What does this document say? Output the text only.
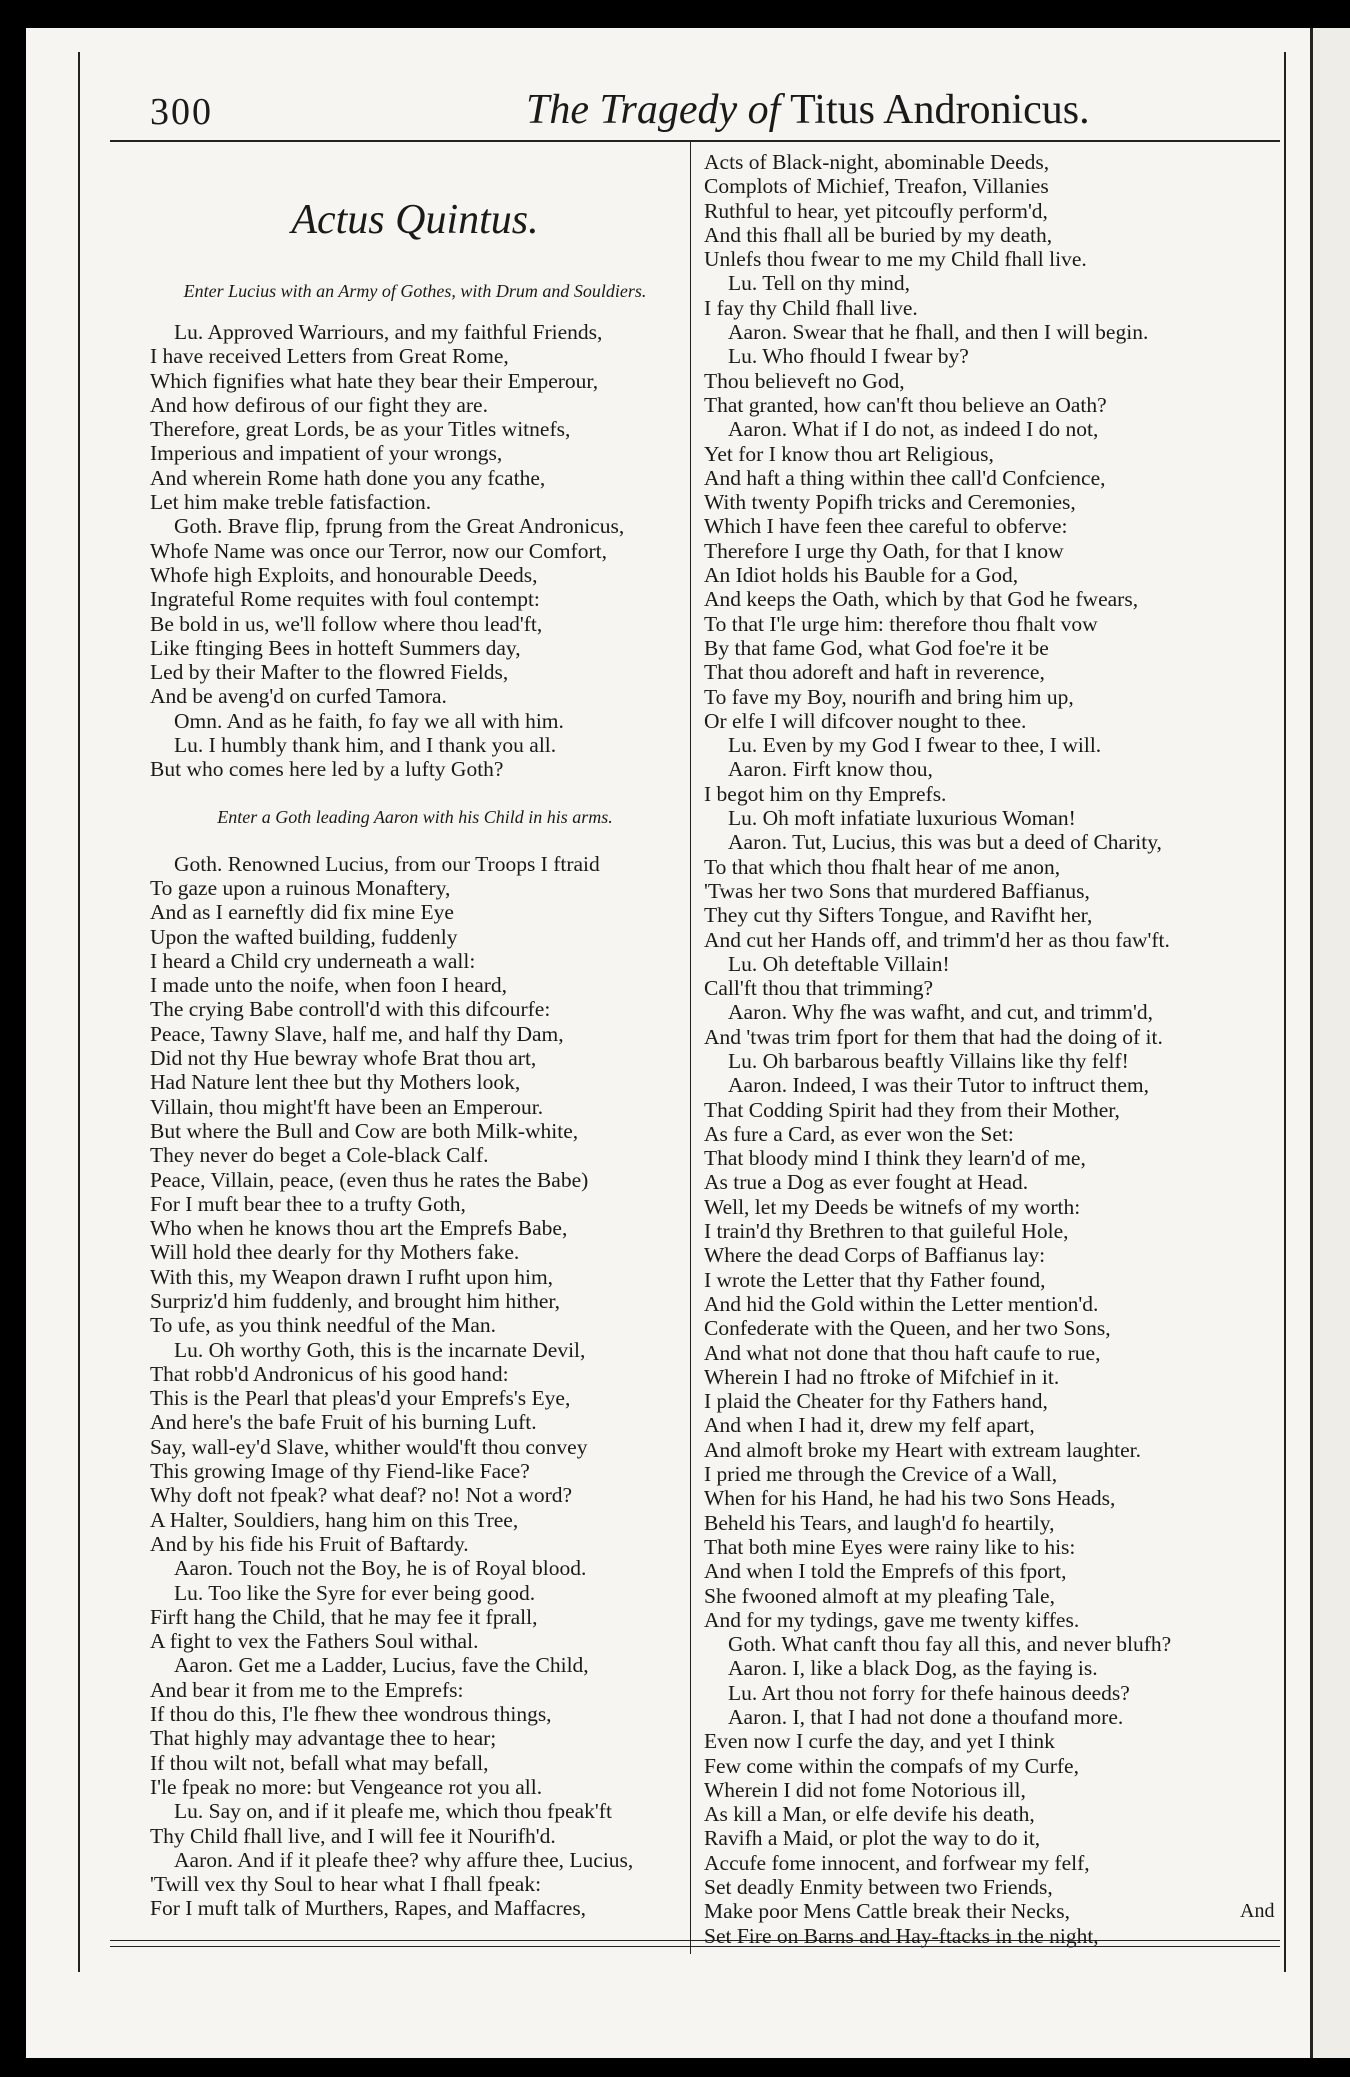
300	The Tragedy of Titus Andronicus.
Actus Quintus.
Enter Lucius with an Army of Gothes, with Drum and Souldiers.
Lu. Approved Warriours, and my faithful Friends,
I have received Letters from Great Rome,
Which fignifies what hate they bear their Emperour,
And how defirous of our fight they are.
Therefore, great Lords, be as your Titles witnefs,
Imperious and impatient of your wrongs,
And wherein Rome hath done you any fcathe,
Let him make treble fatisfaction.
Goth. Brave flip, fprung from the Great Andronicus,
Whofe Name was once our Terror, now our Comfort,
Whofe high Exploits, and honourable Deeds,
Ingrateful Rome requites with foul contempt:
Be bold in us, we'll follow where thou lead'ft,
Like ftinging Bees in hotteft Summers day,
Led by their Mafter to the flowred Fields,
And be aveng'd on curfed Tamora.
Omn. And as he faith, fo fay we all with him.
Lu. I humbly thank him, and I thank you all.
But who comes here led by a lufty Goth?
Enter a Goth leading Aaron with his Child in his arms.
Goth. Renowned Lucius, from our Troops I ftraid
To gaze upon a ruinous Monaftery,
And as I earneftly did fix mine Eye
Upon the wafted building, fuddenly
I heard a Child cry underneath a wall:
I made unto the noife, when foon I heard,
The crying Babe controll'd with this difcourfe:
Peace, Tawny Slave, half me, and half thy Dam,
Did not thy Hue bewray whofe Brat thou art,
Had Nature lent thee but thy Mothers look,
Villain, thou might'ft have been an Emperour.
But where the Bull and Cow are both Milk-white,
They never do beget a Cole-black Calf.
Peace, Villain, peace, (even thus he rates the Babe)
For I muft bear thee to a trufty Goth,
Who when he knows thou art the Emprefs Babe,
Will hold thee dearly for thy Mothers fake.
With this, my Weapon drawn I rufht upon him,
Surpriz'd him fuddenly, and brought him hither,
To ufe, as you think needful of the Man.
Lu. Oh worthy Goth, this is the incarnate Devil,
That robb'd Andronicus of his good hand:
This is the Pearl that pleas'd your Emprefs's Eye,
And here's the bafe Fruit of his burning Luft.
Say, wall-ey'd Slave, whither would'ft thou convey
This growing Image of thy Fiend-like Face?
Why doft not fpeak? what deaf? no! Not a word?
A Halter, Souldiers, hang him on this Tree,
And by his fide his Fruit of Baftardy.
Aaron. Touch not the Boy, he is of Royal blood.
Lu. Too like the Syre for ever being good.
Firft hang the Child, that he may fee it fprall,
A fight to vex the Fathers Soul withal.
Aaron. Get me a Ladder, Lucius, fave the Child,
And bear it from me to the Emprefs:
If thou do this, I'le fhew thee wondrous things,
That highly may advantage thee to hear;
If thou wilt not, befall what may befall,
I'le fpeak no more: but Vengeance rot you all.
Lu. Say on, and if it pleafe me, which thou fpeak'ft
Thy Child fhall live, and I will fee it Nourifh'd.
Aaron. And if it pleafe thee? why affure thee, Lucius,
'Twill vex thy Soul to hear what I fhall fpeak:
For I muft talk of Murthers, Rapes, and Maffacres,
Acts of Black-night, abominable Deeds,
Complots of Michief, Treafon, Villanies
Ruthful to hear, yet pitcoufly perform'd,
And this fhall all be buried by my death,
Unlefs thou fwear to me my Child fhall live.
Lu. Tell on thy mind,
I fay thy Child fhall live.
Aaron. Swear that he fhall, and then I will begin.
Lu. Who fhould I fwear by?
Thou believeft no God,
That granted, how can'ft thou believe an Oath?
Aaron. What if I do not, as indeed I do not,
Yet for I know thou art Religious,
And haft a thing within thee call'd Confcience,
With twenty Popifh tricks and Ceremonies,
Which I have feen thee careful to obferve:
Therefore I urge thy Oath, for that I know
An Idiot holds his Bauble for a God,
And keeps the Oath, which by that God he fwears,
To that I'le urge him: therefore thou fhalt vow
By that fame God, what God foe're it be
That thou adoreft and haft in reverence,
To fave my Boy, nourifh and bring him up,
Or elfe I will difcover nought to thee.
Lu. Even by my God I fwear to thee, I will.
Aaron. Firft know thou,
I begot him on thy Emprefs.
Lu. Oh moft infatiate luxurious Woman!
Aaron. Tut, Lucius, this was but a deed of Charity,
To that which thou fhalt hear of me anon,
'Twas her two Sons that murdered Baffianus,
They cut thy Sifters Tongue, and Ravifht her,
And cut her Hands off, and trimm'd her as thou faw'ft.
Lu. Oh deteftable Villain!
Call'ft thou that trimming?
Aaron. Why fhe was wafht, and cut, and trimm'd,
And 'twas trim fport for them that had the doing of it.
Lu. Oh barbarous beaftly Villains like thy felf!
Aaron. Indeed, I was their Tutor to inftruct them,
That Codding Spirit had they from their Mother,
As fure a Card, as ever won the Set:
That bloody mind I think they learn'd of me,
As true a Dog as ever fought at Head.
Well, let my Deeds be witnefs of my worth:
I train'd thy Brethren to that guileful Hole,
Where the dead Corps of Baffianus lay:
I wrote the Letter that thy Father found,
And hid the Gold within the Letter mention'd.
Confederate with the Queen, and her two Sons,
And what not done that thou haft caufe to rue,
Wherein I had no ftroke of Mifchief in it.
I plaid the Cheater for thy Fathers hand,
And when I had it, drew my felf apart,
And almoft broke my Heart with extream laughter.
I pried me through the Crevice of a Wall,
When for his Hand, he had his two Sons Heads,
Beheld his Tears, and laugh'd fo heartily,
That both mine Eyes were rainy like to his:
And when I told the Emprefs of this fport,
She fwooned almoft at my pleafing Tale,
And for my tydings, gave me twenty kiffes.
Goth. What canft thou fay all this, and never blufh?
Aaron. I, like a black Dog, as the faying is.
Lu. Art thou not forry for thefe hainous deeds?
Aaron. I, that I had not done a thoufand more.
Even now I curfe the day, and yet I think
Few come within the compafs of my Curfe,
Wherein I did not fome Notorious ill,
As kill a Man, or elfe devife his death,
Ravifh a Maid, or plot the way to do it,
Accufe fome innocent, and forfwear my felf,
Set deadly Enmity between two Friends,
Make poor Mens Cattle break their Necks,
Set Fire on Barns and Hay-ftacks in the night,
And
